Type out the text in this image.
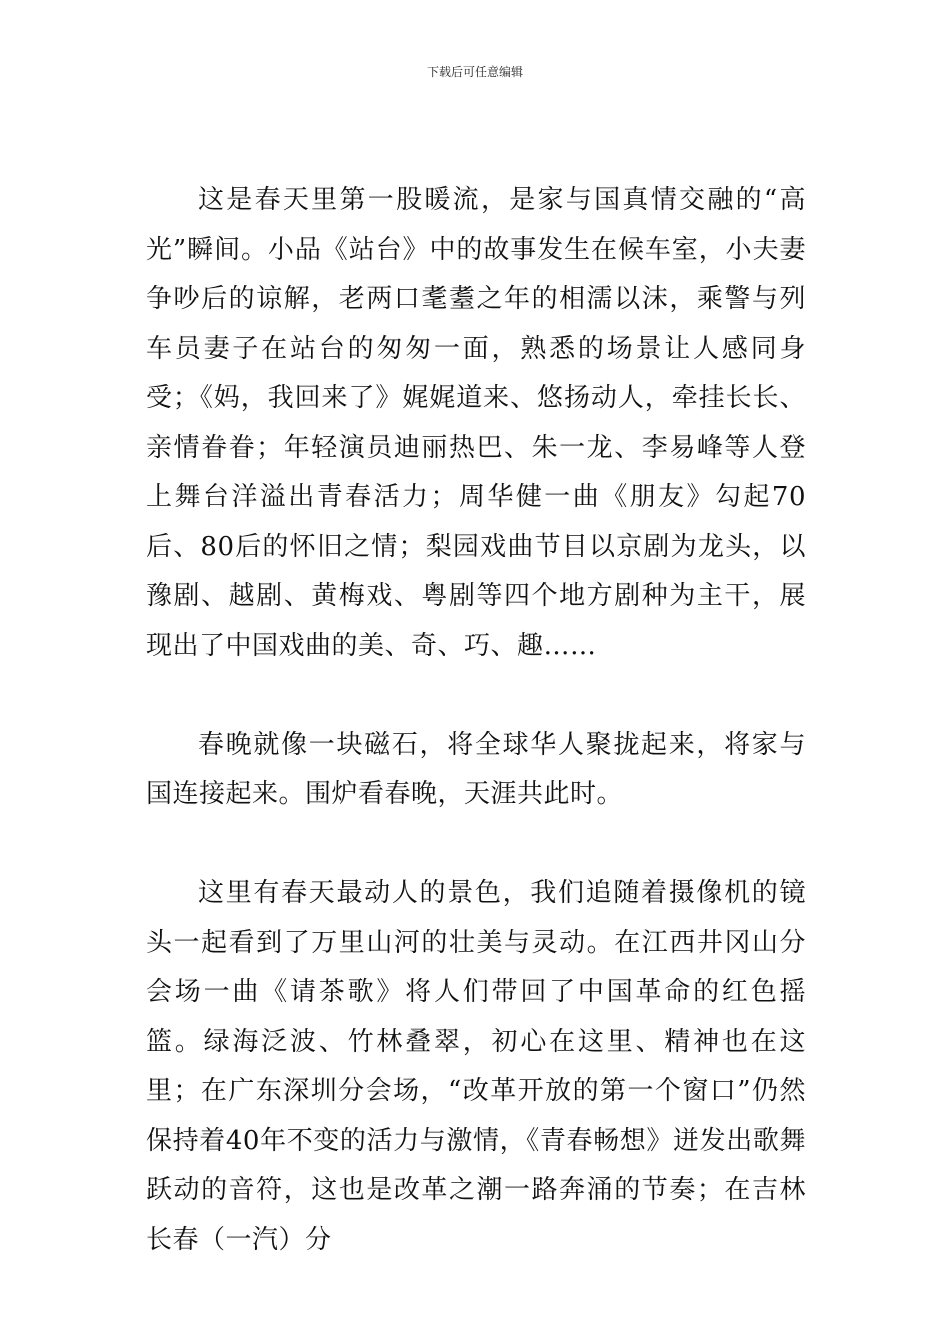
下载后可任意编辑

这是春天里第一股暖流，是家与国真情交融的“高光”瞬间。小品《站台》中的故事发生在候车室，小夫妻争吵后的谅解，老两口耄耋之年的相濡以沫，乘警与列车员妻子在站台的匆匆一面，熟悉的场景让人感同身受；《妈，我回来了》娓娓道来、悠扬动人，牵挂长长、亲情眷眷；年轻演员迪丽热巴、朱一龙、李易峰等人登上舞台洋溢出青春活力；周华健一曲《朋友》勾起70后、80后的怀旧之情；梨园戏曲节目以京剧为龙头，以豫剧、越剧、黄梅戏、粤剧等四个地方剧种为主干，展现出了中国戏曲的美、奇、巧、趣……

春晚就像一块磁石，将全球华人聚拢起来，将家与国连接起来。围炉看春晚，天涯共此时。

这里有春天最动人的景色，我们追随着摄像机的镜头一起看到了万里山河的壮美与灵动。在江西井冈山分会场一曲《请茶歌》将人们带回了中国革命的红色摇篮。绿海泛波、竹林叠翠，初心在这里、精神也在这里；在广东深圳分会场，“改革开放的第一个窗口”仍然保持着40年不变的活力与激情，《青春畅想》迸发出歌舞跃动的音符，这也是改革之潮一路奔涌的节奏；在吉林长春（一汽）分
